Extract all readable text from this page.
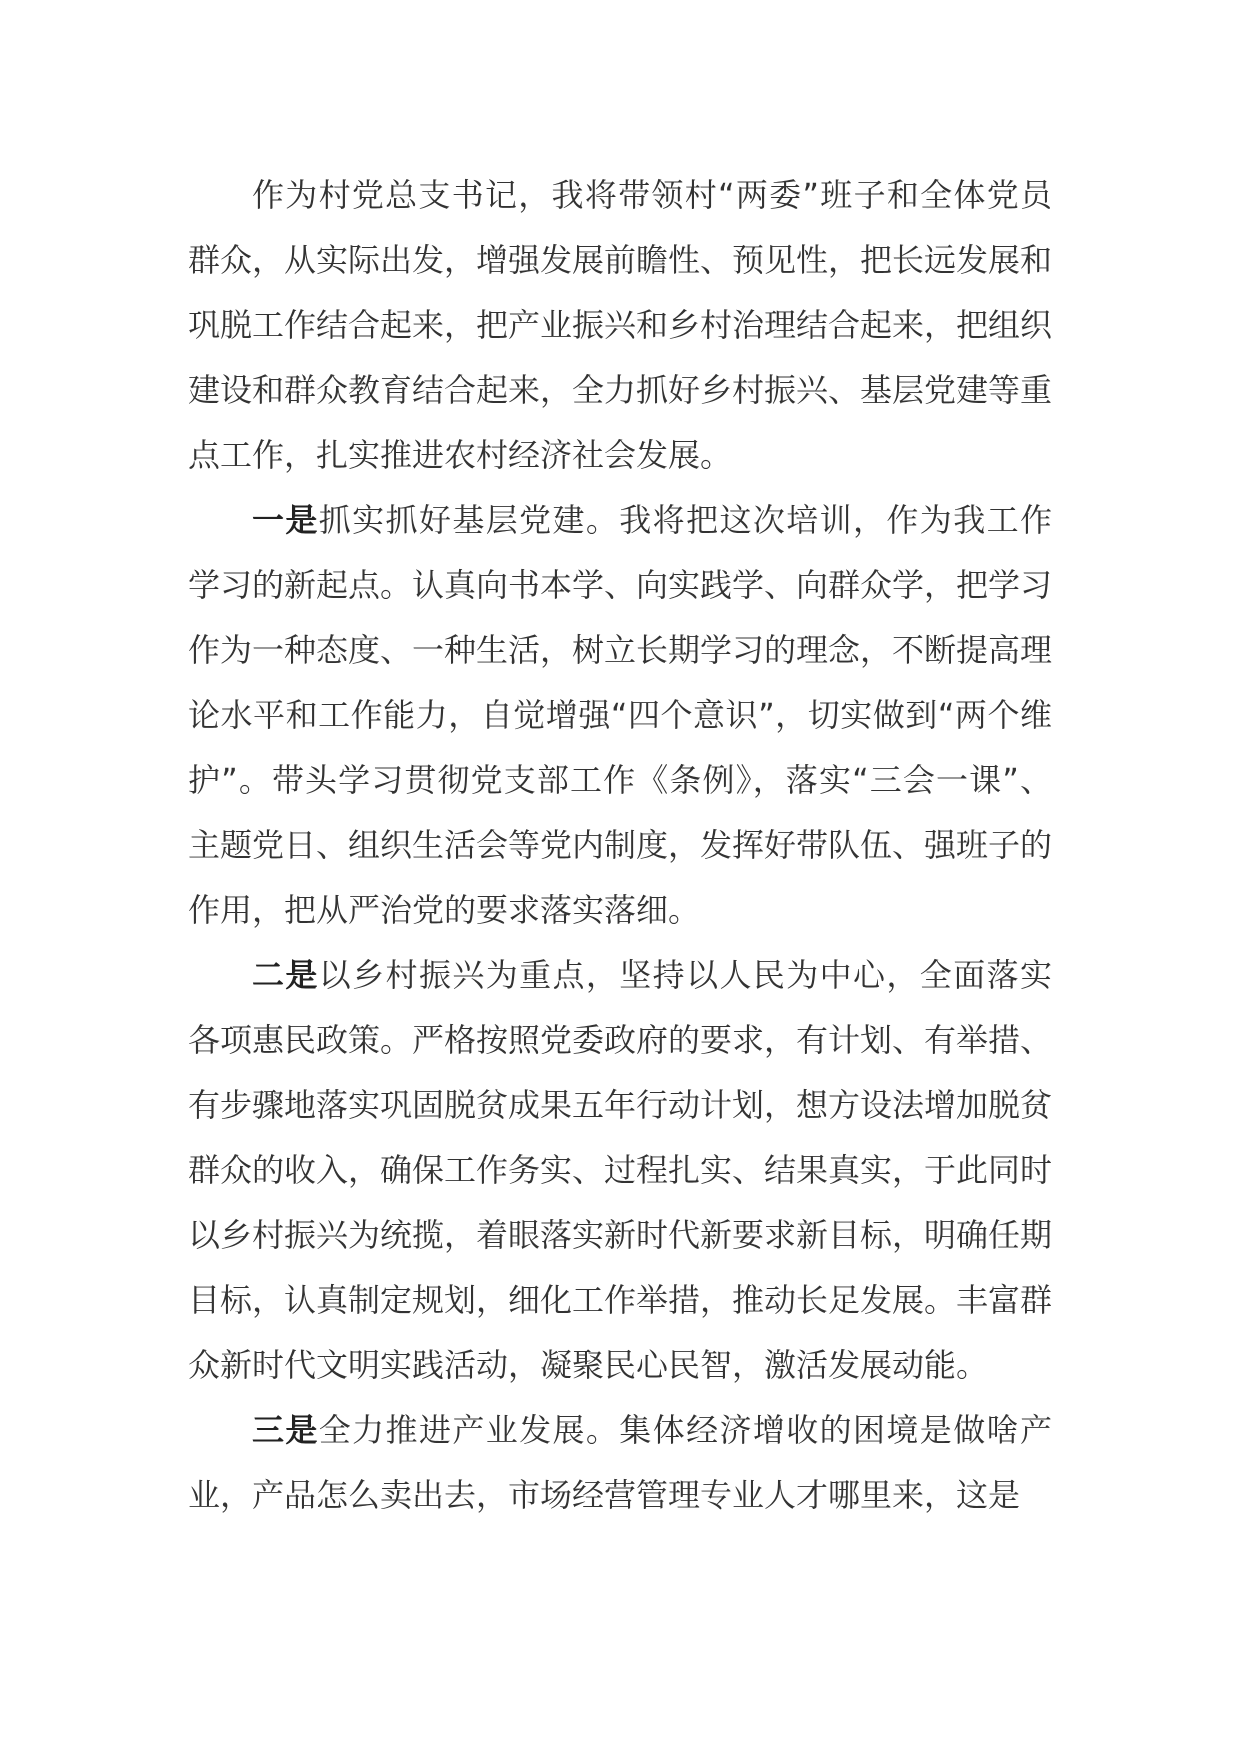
作为村党总支书记，我将带领村“两委”班子和全体党员群众，从实际出发，增强发展前瞻性、预见性，把长远发展和巩脱工作结合起来，把产业振兴和乡村治理结合起来，把组织建设和群众教育结合起来，全力抓好乡村振兴、基层党建等重点工作，扎实推进农村经济社会发展。

一是抓实抓好基层党建。我将把这次培训，作为我工作学习的新起点。认真向书本学、向实践学、向群众学，把学习作为一种态度、一种生活，树立长期学习的理念，不断提高理论水平和工作能力，自觉增强“四个意识”，切实做到“两个维护”。带头学习贯彻党支部工作《条例》，落实“三会一课”、主题党日、组织生活会等党内制度，发挥好带队伍、强班子的作用，把从严治党的要求落实落细。

二是以乡村振兴为重点，坚持以人民为中心，全面落实各项惠民政策。严格按照党委政府的要求，有计划、有举措、有步骤地落实巩固脱贫成果五年行动计划，想方设法增加脱贫群众的收入，确保工作务实、过程扎实、结果真实，于此同时以乡村振兴为统揽，着眼落实新时代新要求新目标，明确任期目标，认真制定规划，细化工作举措，推动长足发展。丰富群众新时代文明实践活动，凝聚民心民智，激活发展动能。

三是全力推进产业发展。集体经济增收的困境是做啥产业，产品怎么卖出去，市场经营管理专业人才哪里来，这是
